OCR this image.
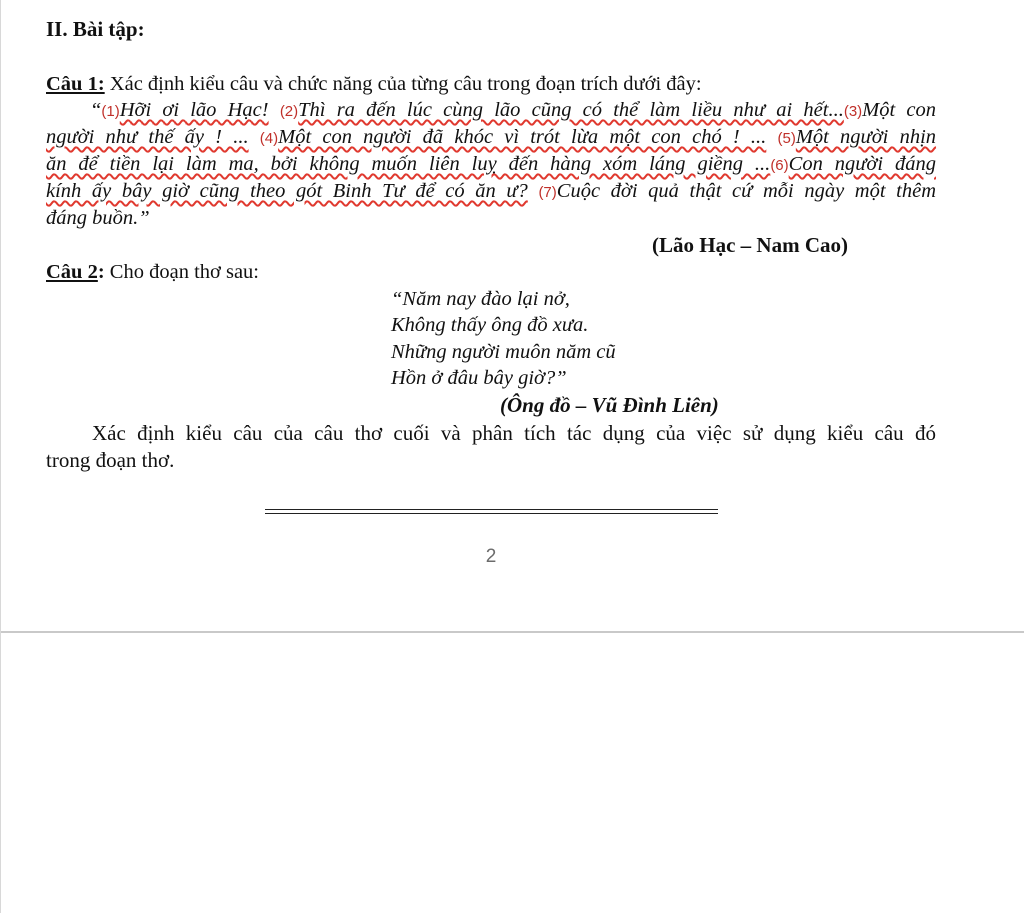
II. Bài tập:
Câu 1: Xác định kiểu câu và chức năng của từng câu trong đoạn trích dưới đây:
“(1)Hỡi ơi lão Hạc! (2)Thì ra đến lúc cùng lão cũng có thể làm liều như ai hết...(3)Một con
người như thế ấy ! ... (4)Một con người đã khóc vì trót lừa một con chó ! ... (5)Một người nhịn
ăn để tiền lại làm ma, bởi không muốn liên luỵ đến hàng xóm láng giềng ...(6)Con người đáng
kính ấy bây giờ cũng theo gót Binh Tư để có ăn ư? (7)Cuộc đời quả thật cứ mỗi ngày một thêm
đáng buồn.”
(Lão Hạc – Nam Cao)
Câu 2: Cho đoạn thơ sau:
“Năm nay đào lại nở,
Không thấy ông đồ xưa.
Những người muôn năm cũ
Hồn ở đâu bây giờ?”
(Ông đồ – Vũ Đình Liên)
Xác định kiểu câu của câu thơ cuối và phân tích tác dụng của việc sử dụng kiểu câu đó
trong đoạn thơ.
2
